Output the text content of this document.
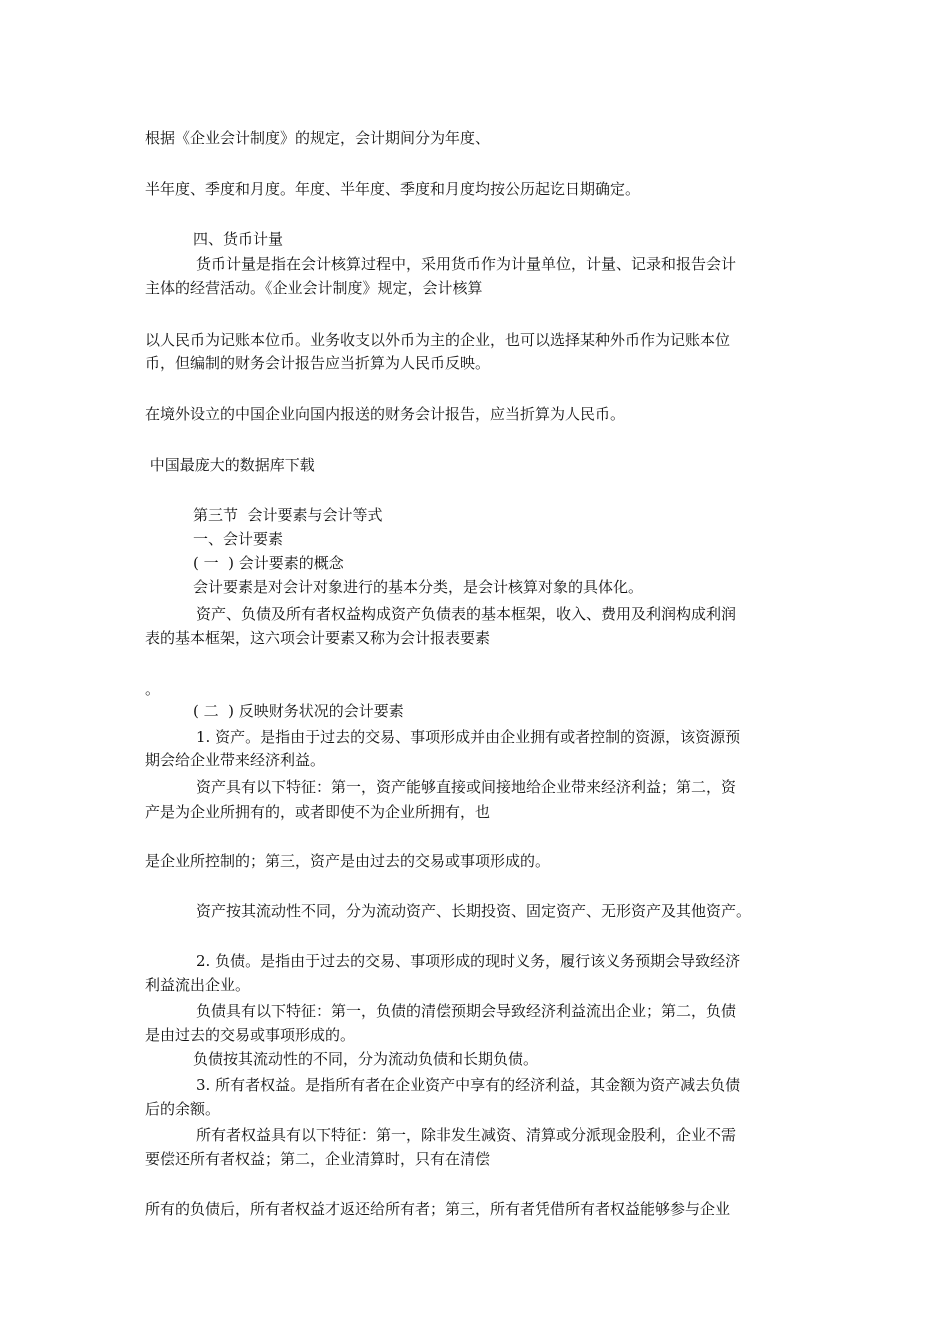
根据《企业会计制度》的规定，会计期间分为年度、
半年度、季度和月度。年度、半年度、季度和月度均按公历起讫日期确定。
四、货币计量
货币计量是指在会计核算过程中，采用货币作为计量单位，计量、记录和报告会计
主体的经营活动。《企业会计制度》规定，会计核算
以人民币为记账本位币。业务收支以外币为主的企业，也可以选择某种外币作为记账本位
币，但编制的财务会计报告应当折算为人民币反映。
在境外设立的中国企业向国内报送的财务会计报告，应当折算为人民币。
中国最庞大的数据库下载
第三节  会计要素与会计等式
一、会计要素
( 一  ) 会计要素的概念
会计要素是对会计对象进行的基本分类，是会计核算对象的具体化。
资产、负债及所有者权益构成资产负债表的基本框架，收入、费用及利润构成利润
表的基本框架，这六项会计要素又称为会计报表要素
。
( 二  ) 反映财务状况的会计要素
1. 资产。是指由于过去的交易、事项形成并由企业拥有或者控制的资源，该资源预
期会给企业带来经济利益。
资产具有以下特征：第一，资产能够直接或间接地给企业带来经济利益；第二，资
产是为企业所拥有的，或者即使不为企业所拥有，也
是企业所控制的；第三，资产是由过去的交易或事项形成的。
资产按其流动性不同，分为流动资产、长期投资、固定资产、无形资产及其他资产。
2. 负债。是指由于过去的交易、事项形成的现时义务，履行该义务预期会导致经济
利益流出企业。
负债具有以下特征：第一，负债的清偿预期会导致经济利益流出企业；第二，负债
是由过去的交易或事项形成的。
负债按其流动性的不同，分为流动负债和长期负债。
3. 所有者权益。是指所有者在企业资产中享有的经济利益，其金额为资产减去负债
后的余额。
所有者权益具有以下特征：第一，除非发生减资、清算或分派现金股利，企业不需
要偿还所有者权益；第二，企业清算时，只有在清偿
所有的负债后，所有者权益才返还给所有者；第三，所有者凭借所有者权益能够参与企业
